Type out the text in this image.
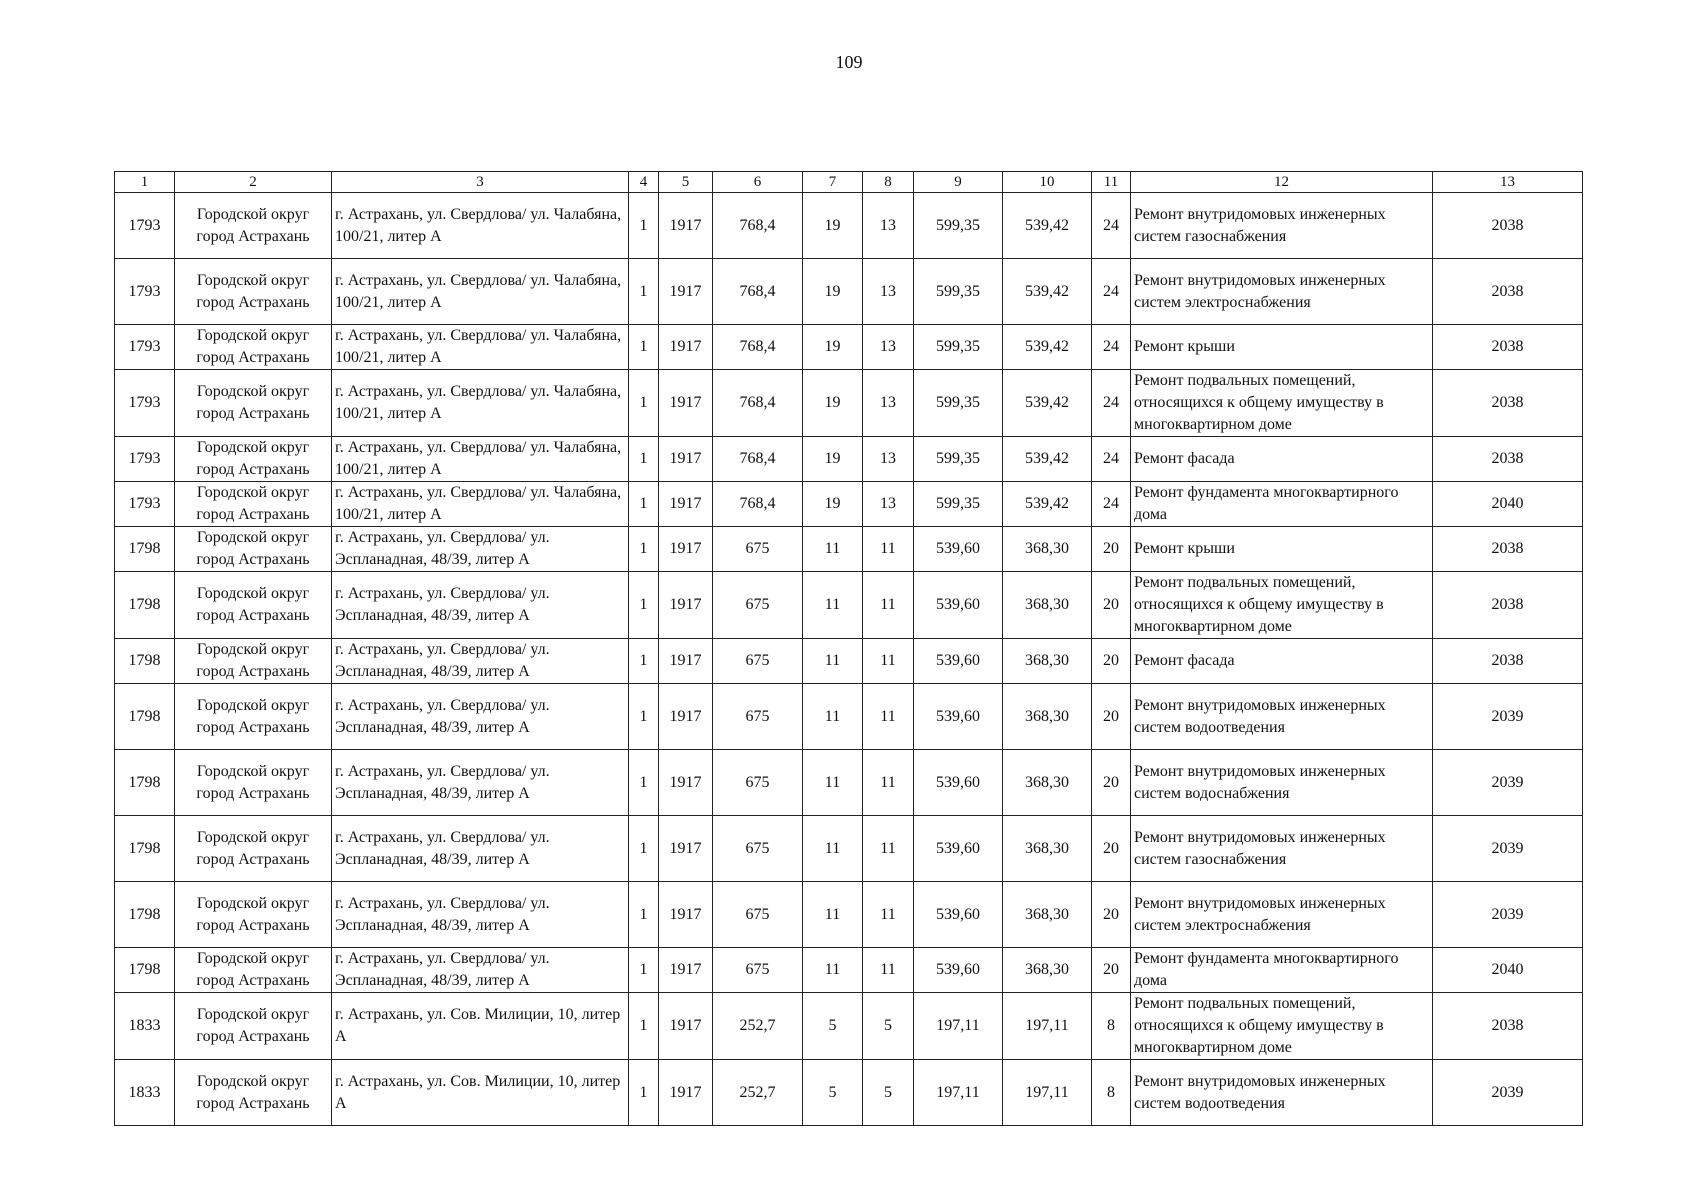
109
1	2	3	4	5	6	7	8	9	10	11	12	13
1793	Городской округ город Астрахань	г. Астрахань, ул. Свердлова/ ул. Чалабяна, 100/21, литер А	1	1917	768,4	19	13	599,35	539,42	24	Ремонт внутридомовых инженерных систем газоснабжения	2038
1793	Городской округ город Астрахань	г. Астрахань, ул. Свердлова/ ул. Чалабяна, 100/21, литер А	1	1917	768,4	19	13	599,35	539,42	24	Ремонт внутридомовых инженерных систем электроснабжения	2038
1793	Городской округ город Астрахань	г. Астрахань, ул. Свердлова/ ул. Чалабяна, 100/21, литер А	1	1917	768,4	19	13	599,35	539,42	24	Ремонт крыши	2038
1793	Городской округ город Астрахань	г. Астрахань, ул. Свердлова/ ул. Чалабяна, 100/21, литер А	1	1917	768,4	19	13	599,35	539,42	24	Ремонт подвальных помещений, относящихся к общему имуществу в многоквартирном доме	2038
1793	Городской округ город Астрахань	г. Астрахань, ул. Свердлова/ ул. Чалабяна, 100/21, литер А	1	1917	768,4	19	13	599,35	539,42	24	Ремонт фасада	2038
1793	Городской округ город Астрахань	г. Астрахань, ул. Свердлова/ ул. Чалабяна, 100/21, литер А	1	1917	768,4	19	13	599,35	539,42	24	Ремонт фундамента многоквартирного дома	2040
1798	Городской округ город Астрахань	г. Астрахань, ул. Свердлова/ ул. Эспланадная, 48/39, литер А	1	1917	675	11	11	539,60	368,30	20	Ремонт крыши	2038
1798	Городской округ город Астрахань	г. Астрахань, ул. Свердлова/ ул. Эспланадная, 48/39, литер А	1	1917	675	11	11	539,60	368,30	20	Ремонт подвальных помещений, относящихся к общему имуществу в многоквартирном доме	2038
1798	Городской округ город Астрахань	г. Астрахань, ул. Свердлова/ ул. Эспланадная, 48/39, литер А	1	1917	675	11	11	539,60	368,30	20	Ремонт фасада	2038
1798	Городской округ город Астрахань	г. Астрахань, ул. Свердлова/ ул. Эспланадная, 48/39, литер А	1	1917	675	11	11	539,60	368,30	20	Ремонт внутридомовых инженерных систем водоотведения	2039
1798	Городской округ город Астрахань	г. Астрахань, ул. Свердлова/ ул. Эспланадная, 48/39, литер А	1	1917	675	11	11	539,60	368,30	20	Ремонт внутридомовых инженерных систем водоснабжения	2039
1798	Городской округ город Астрахань	г. Астрахань, ул. Свердлова/ ул. Эспланадная, 48/39, литер А	1	1917	675	11	11	539,60	368,30	20	Ремонт внутридомовых инженерных систем газоснабжения	2039
1798	Городской округ город Астрахань	г. Астрахань, ул. Свердлова/ ул. Эспланадная, 48/39, литер А	1	1917	675	11	11	539,60	368,30	20	Ремонт внутридомовых инженерных систем электроснабжения	2039
1798	Городской округ город Астрахань	г. Астрахань, ул. Свердлова/ ул. Эспланадная, 48/39, литер А	1	1917	675	11	11	539,60	368,30	20	Ремонт фундамента многоквартирного дома	2040
1833	Городской округ город Астрахань	г. Астрахань, ул. Сов. Милиции, 10, литер А	1	1917	252,7	5	5	197,11	197,11	8	Ремонт подвальных помещений, относящихся к общему имуществу в многоквартирном доме	2038
1833	Городской округ город Астрахань	г. Астрахань, ул. Сов. Милиции, 10, литер А	1	1917	252,7	5	5	197,11	197,11	8	Ремонт внутридомовых инженерных систем водоотведения	2039
